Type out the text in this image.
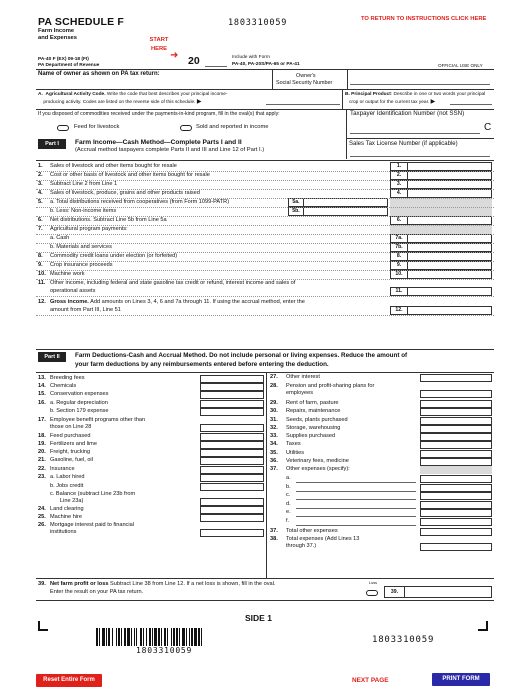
PA SCHEDULE F
Farm Income
and Expenses	START HERE
➜
PA-40 F (EX) 09-18 (FI)
PA Department of Revenue	20	Include with Form
PA-40, PA-20S/PA-65 or PA-41
1803310059	TO RETURN TO INSTRUCTIONS CLICK HERE
OFFICIAL USE ONLY
Name of owner as shown on PA tax return:	Owner's
Social Security Number
A. Agricultural Activity Code. Write the code that best describes your principal income-
producing activity. Codes are listed on the reverse side of this schedule. ▶
B. Principal Product: Describe in one or two words your principal
crop or output for the current tax year. ▶
If you disposed of commodities received under the payments-in-kind program, fill in the oval(s) that apply:
Feed for livestock	Sold and reported in income
Taxpayer Identification Number (not SSN)
C
Sales Tax License Number (if applicable)
Part I	Farm Income—Cash Method—Complete Parts I and II
(Accrual method taxpayers complete Parts II and III and Line 12 of Part I.)
1. Sales of livestock and other items bought for resale	1.
2. Cost or other basis of livestock and other items bought for resale	2.
3. Subtract Line 2 from Line 1	3.
4. Sales of livestock, produce, grains and other products raised	4.
5. a. Total distributions received from cooperatives (from Form 1099-PATR)	5a.
b. Less: Non-income items	5b.
6. Net distributions. Subtract Line 5b from Line 5a	6.
7. Agricultural program payments:
a. Cash	7a.
b. Materials and services	7b.
8. Commodity credit loans under election (or forfeited)	8.
9. Crop insurance proceeds	9.
10. Machine work	10.
11. Other income, including federal and state gasoline tax credit or refund, interest income and sales of
operational assets	11.
12. Gross income. Add amounts on Lines 3, 4, 6 and 7a through 11. If using the accrual method, enter the
amount from Part III, Line 51	12.
Part II	Farm Deductions-Cash and Accrual Method. Do not include personal or living expenses. Reduce the amount of
your farm deductions by any reimbursements entered before entering the deduction.
13. Breeding fees
14. Chemicals
15. Conservation expenses
16. a. Regular depreciation
b. Section 179 expense
17. Employee benefit programs other than
those on Line 28
18. Feed purchased
19. Fertilizers and lime
20. Freight, trucking
21. Gasoline, fuel, oil
22. Insurance
23. a. Labor hired
b. Jobs credit
c. Balance (subtract Line 23b from
Line 23a)
24. Land clearing
25. Machine hire
26. Mortgage interest paid to financial
institutions
27. Other interest
28. Pension and profit-sharing plans for
employees
29. Rent of farm, pasture
30. Repairs, maintenance
31. Seeds, plants purchased
32. Storage, warehousing
33. Supplies purchased
34. Taxes
35. Utilities
36. Veterinary fees, medicine
37. Other expenses (specify):
a.
b.
c.
d.
e.
f.
37. Total other expenses
38. Total expenses (Add Lines 13
through 37.)
39. Net farm profit or loss Subtract Line 38 from Line 12. If a net loss is shown, fill in the oval.
Enter the result on your PA tax return.
Loss
39.
SIDE 1
1803310059
1803310059
Reset Entire Form	NEXT PAGE	PRINT FORM
